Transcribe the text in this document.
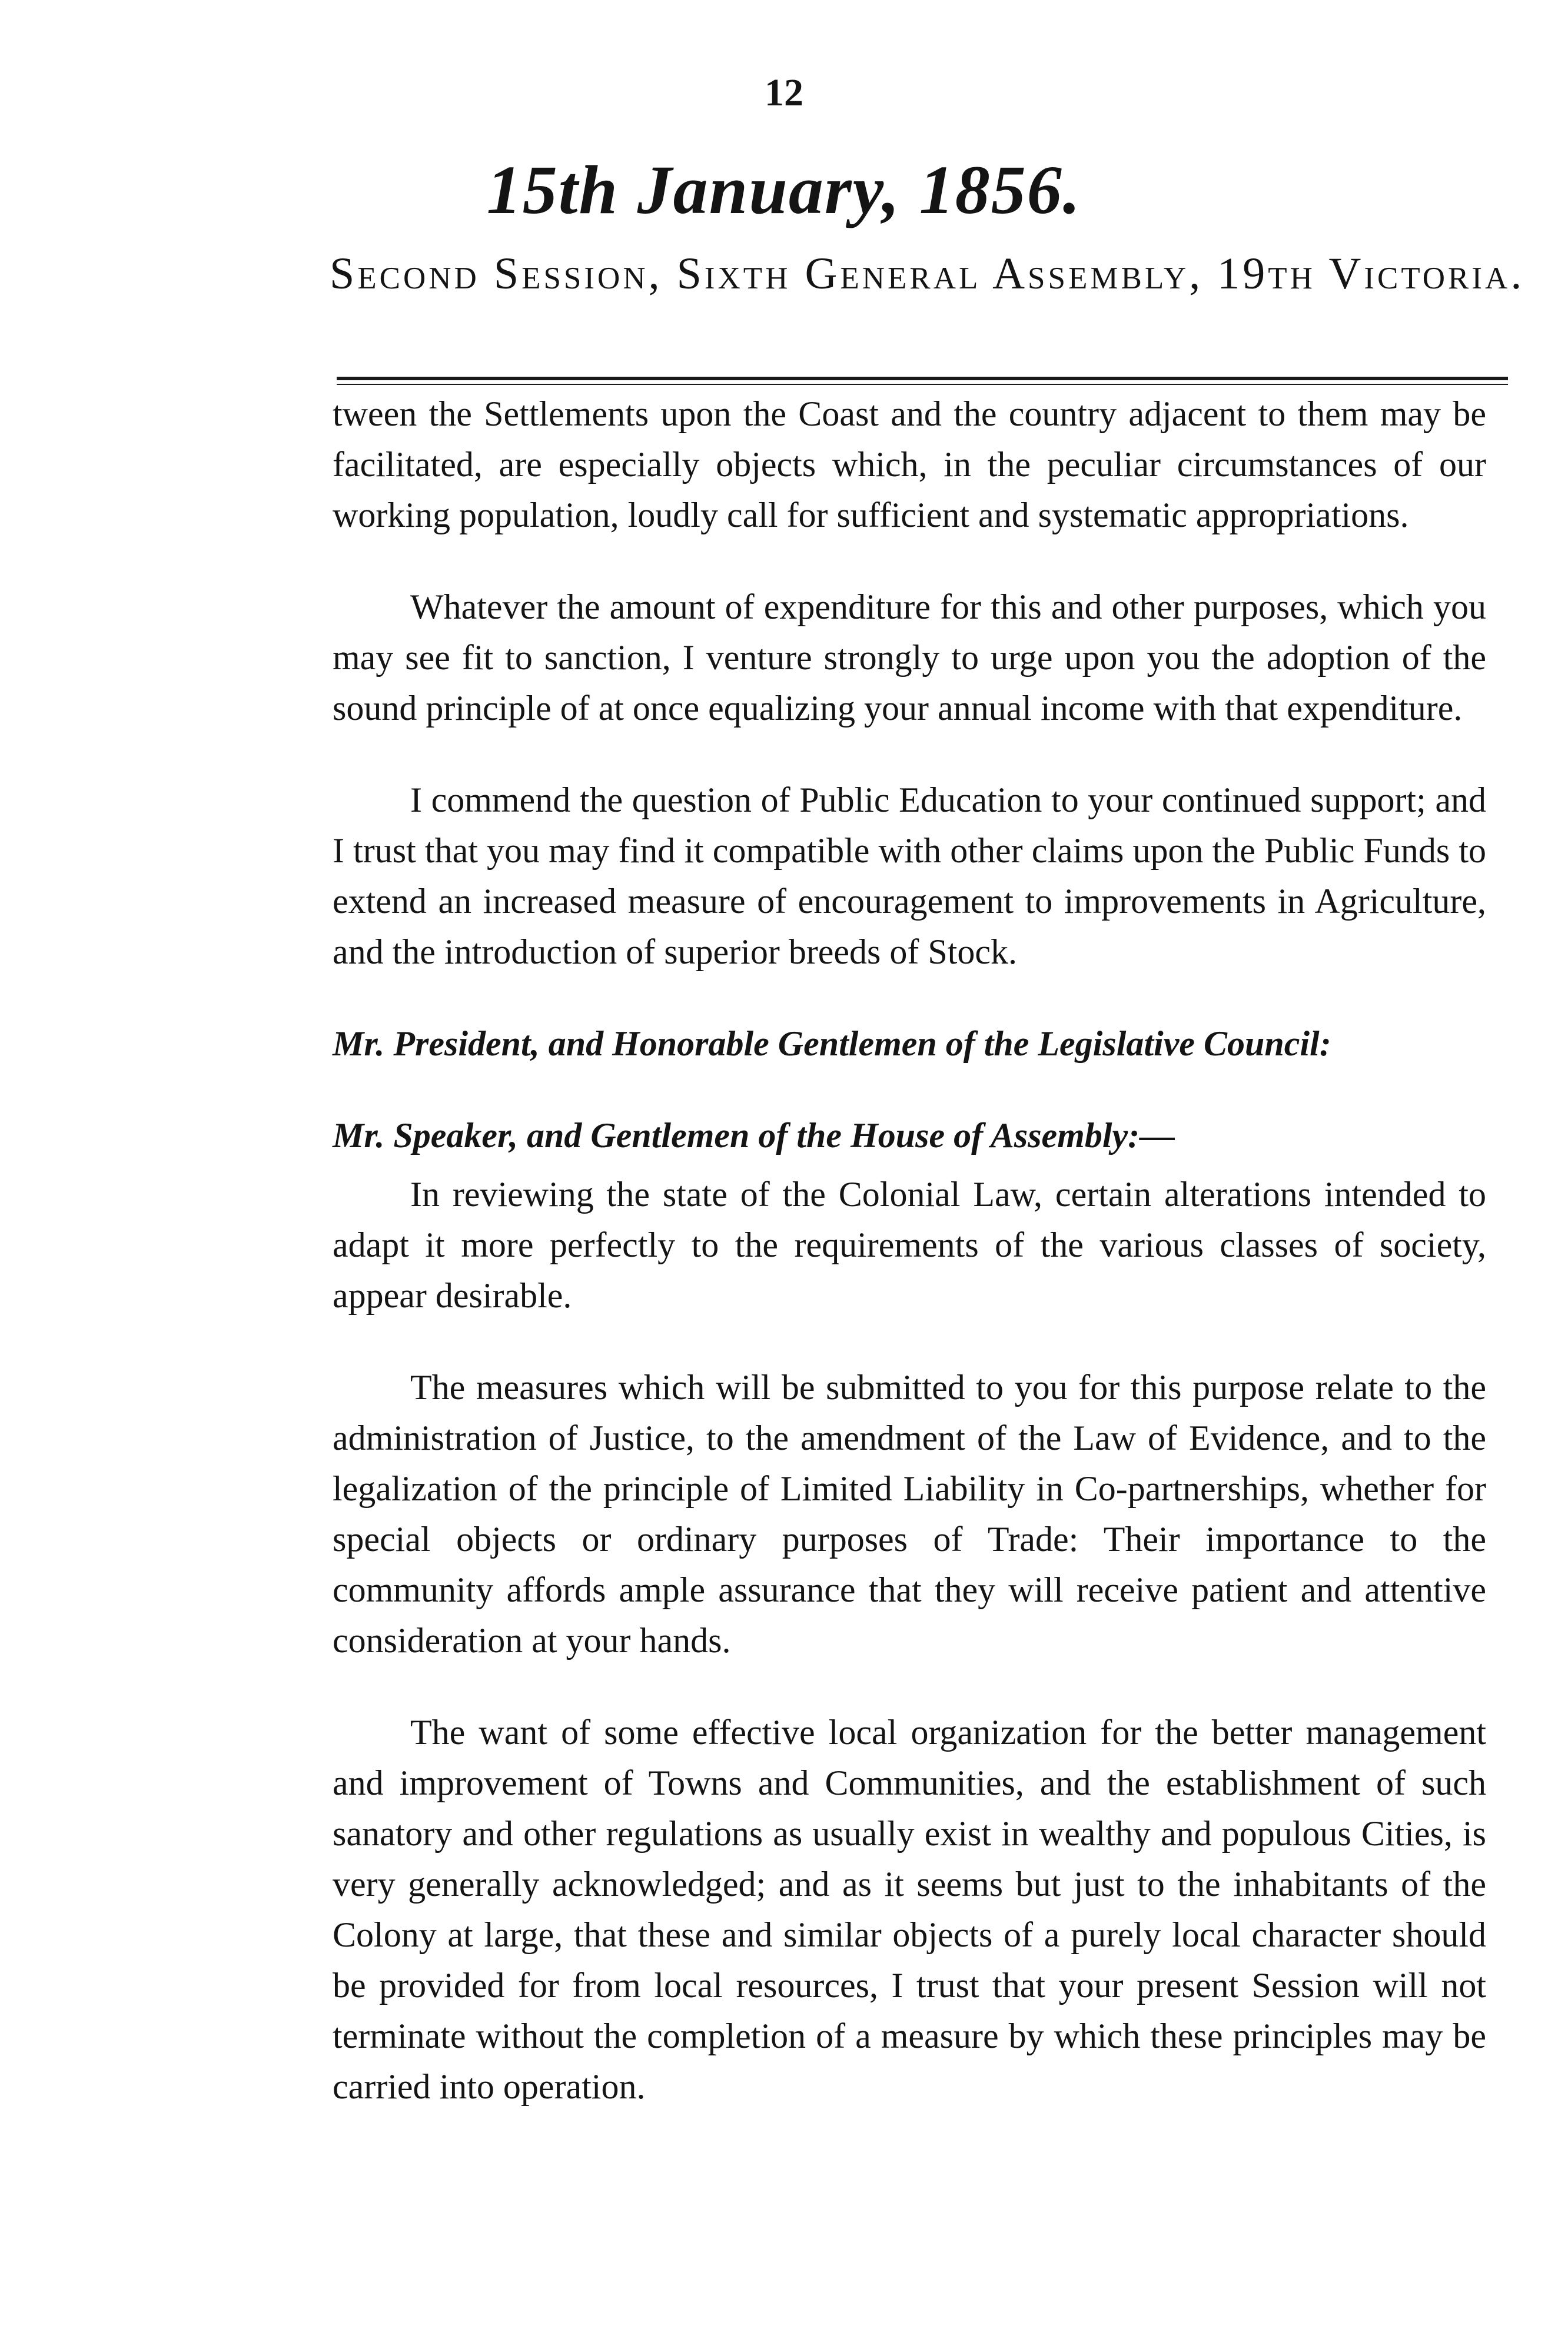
12

15th January, 1856.

Second Session, Sixth General Assembly, 19th Victoria.

tween the Settlements upon the Coast and the country adjacent to them may be facilitated, are especially objects which, in the peculiar circumstances of our working population, loudly call for sufficient and systematic appropriations.

Whatever the amount of expenditure for this and other purposes, which you may see fit to sanction, I venture strongly to urge upon you the adoption of the sound principle of at once equalizing your annual income with that expenditure.

I commend the question of Public Education to your continued support; and I trust that you may find it compatible with other claims upon the Public Funds to extend an increased measure of encouragement to improvements in Agriculture, and the introduction of superior breeds of Stock.

Mr. President, and Honorable Gentlemen of the Legislative Council:

Mr. Speaker, and Gentlemen of the House of Assembly:—

In reviewing the state of the Colonial Law, certain alterations intended to adapt it more perfectly to the requirements of the various classes of society, appear desirable.

The measures which will be submitted to you for this purpose relate to the administration of Justice, to the amendment of the Law of Evidence, and to the legalization of the principle of Limited Liability in Co-partnerships, whether for special objects or ordinary purposes of Trade: Their importance to the community affords ample assurance that they will receive patient and attentive consideration at your hands.

The want of some effective local organization for the better management and improvement of Towns and Communities, and the establishment of such sanatory and other regulations as usually exist in wealthy and populous Cities, is very generally acknowledged; and as it seems but just to the inhabitants of the Colony at large, that these and similar objects of a purely local character should be provided for from local resources, I trust that your present Session will not terminate without the completion of a measure by which these principles may be carried into operation.
